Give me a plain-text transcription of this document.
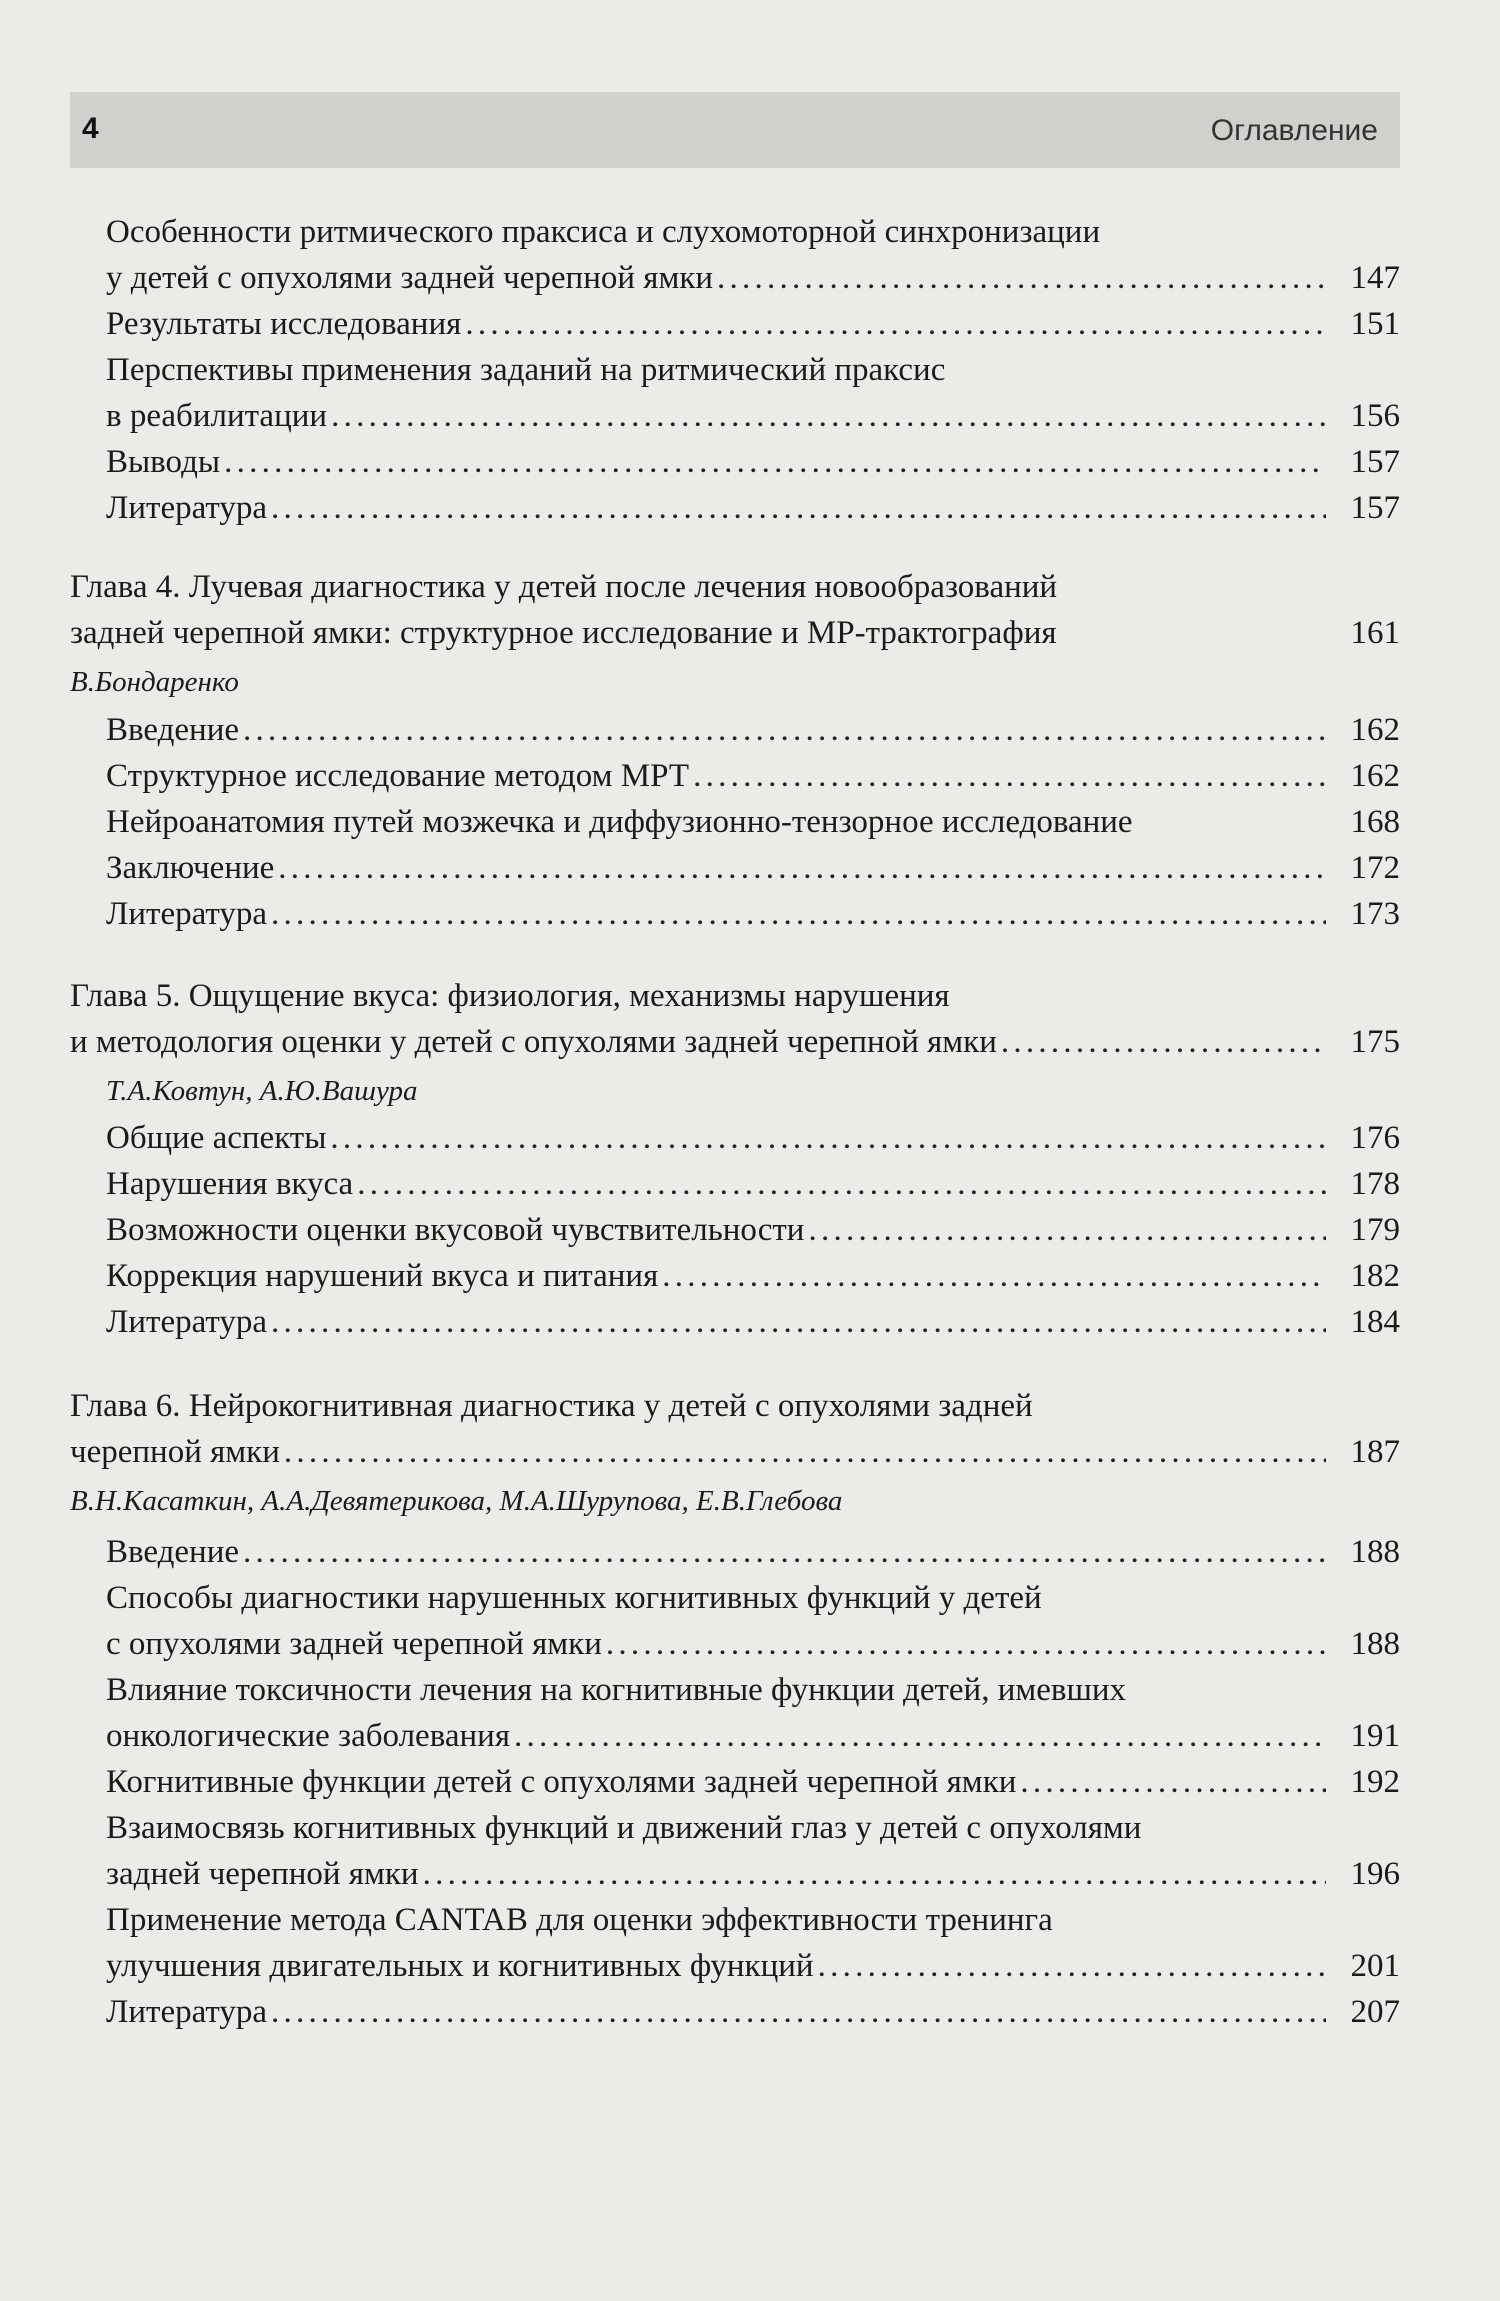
4	Оглавление
Особенности ритмического праксиса и слухомоторной синхронизации
у детей с опухолями задней черепной ямки . . .	147
Результаты исследования . . .	151
Перспективы применения заданий на ритмический праксис
в реабилитации . . .	156
Выводы . . .	157
Литература . . .	157
Глава 4. Лучевая диагностика у детей после лечения новообразований
задней черепной ямки: структурное исследование и МР-трактография	161
В.Бондаренко
Введение . . .	162
Структурное исследование методом МРТ . . .	162
Нейроанатомия путей мозжечка и диффузионно-тензорное исследование	168
Заключение . . .	172
Литература . . .	173
Глава 5. Ощущение вкуса: физиология, механизмы нарушения
и методология оценки у детей с опухолями задней черепной ямки . . .	175
Т.А.Ковтун, А.Ю.Вашура
Общие аспекты . . .	176
Нарушения вкуса . . .	178
Возможности оценки вкусовой чувствительности . . .	179
Коррекция нарушений вкуса и питания . . .	182
Литература . . .	184
Глава 6. Нейрокогнитивная диагностика у детей с опухолями задней
черепной ямки . . .	187
В.Н.Касаткин, А.А.Девятерикова, М.А.Шурупова, Е.В.Глебова
Введение . . .	188
Способы диагностики нарушенных когнитивных функций у детей
с опухолями задней черепной ямки . . .	188
Влияние токсичности лечения на когнитивные функции детей, имевших
онкологические заболевания . . .	191
Когнитивные функции детей с опухолями задней черепной ямки . . .	192
Взаимосвязь когнитивных функций и движений глаз у детей с опухолями
задней черепной ямки . . .	196
Применение метода CANTAB для оценки эффективности тренинга
улучшения двигательных и когнитивных функций . . .	201
Литература . . .	207
